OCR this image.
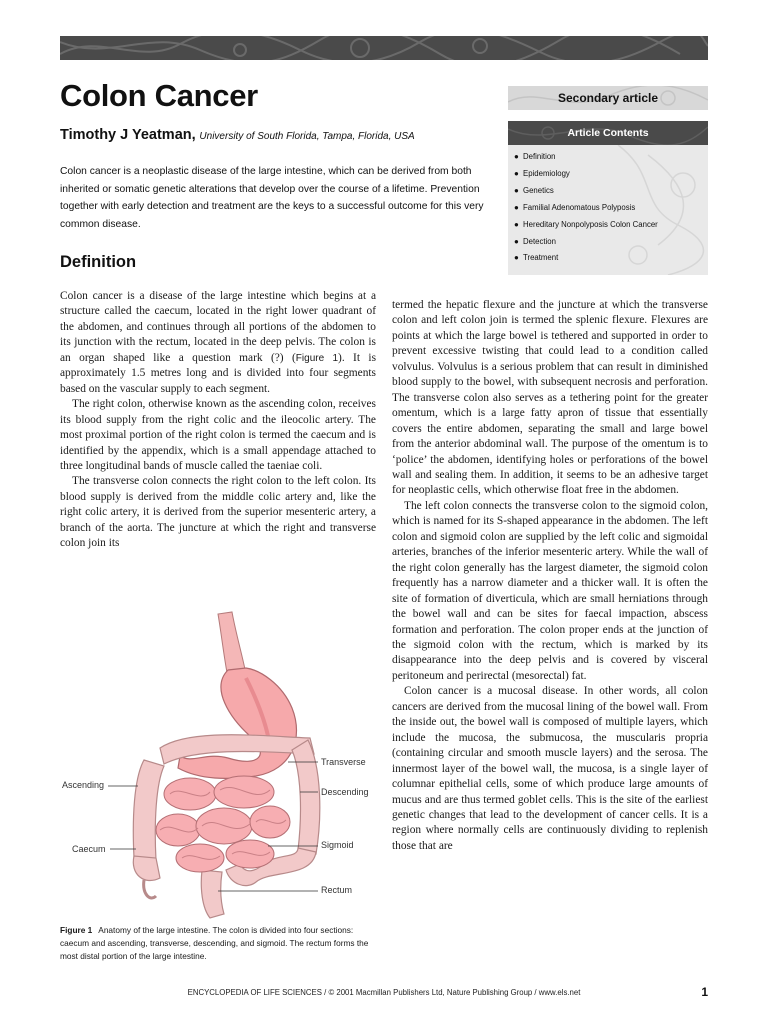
Colon Cancer
Timothy J Yeatman, University of South Florida, Tampa, Florida, USA

Colon cancer is a neoplastic disease of the large intestine, which can be derived from both inherited or somatic genetic alterations that develop over the course of a lifetime. Prevention together with early detection and treatment are the keys to a successful outcome for this very common disease.

Definition
Secondary article
Article Contents
● Definition
● Epidemiology
● Genetics
● Familial Adenomatous Polyposis
● Hereditary Nonpolyposis Colon Cancer
● Detection
● Treatment

Colon cancer is a disease of the large intestine which begins at a structure called the caecum, located in the right lower quadrant of the abdomen, and continues through all portions of the abdomen to its junction with the rectum, located in the deep pelvis. The colon is an organ shaped like a question mark (?) (Figure 1). It is approximately 1.5 metres long and is divided into four segments based on the vascular supply to each segment.

The right colon, otherwise known as the ascending colon, receives its blood supply from the right colic and the ileocolic artery. The most proximal portion of the right colon is termed the caecum and is identified by the appendix, which is a small appendage attached to three longitudinal bands of muscle called the taeniae coli.

The transverse colon connects the right colon to the left colon. Its blood supply is derived from the middle colic artery and, like the right colic artery, it is derived from the superior mesenteric artery, a branch of the aorta. The juncture at which the right and transverse colon join its

termed the hepatic flexure and the juncture at which the transverse colon and left colon join is termed the splenic flexure. Flexures are points at which the large bowel is tethered and supported in order to prevent excessive twisting that could lead to a condition called volvulus. Volvulus is a serious problem that can result in diminished blood supply to the bowel, with subsequent necrosis and perforation. The transverse colon also serves as a tethering point for the greater omentum, which is a large fatty apron of tissue that essentially covers the entire abdomen, separating the small and large bowel from the anterior abdominal wall. The purpose of the omentum is to ‘police’ the abdomen, identifying holes or perforations of the bowel wall and sealing them. In addition, it seems to be an adhesive target for neoplastic cells, which otherwise float free in the abdomen.

The left colon connects the transverse colon to the sigmoid colon, which is named for its S-shaped appearance in the abdomen. The left colon and sigmoid colon are supplied by the left colic and sigmoidal arteries, branches of the inferior mesenteric artery. While the wall of the right colon generally has the largest diameter, the sigmoid colon frequently has a narrow diameter and a thicker wall. It is often the site of formation of diverticula, which are small herniations through the bowel wall and can be sites for faecal impaction, abscess formation and perforation. The colon proper ends at the junction of the sigmoid colon with the rectum, which is marked by its disappearance into the deep pelvis and is covered by visceral peritoneum and perirectal (mesorectal) fat.

Colon cancer is a mucosal disease. In other words, all colon cancers are derived from the mucosal lining of the bowel wall. From the inside out, the bowel wall is composed of multiple layers, which include the mucosa, the submucosa, the muscularis propria (containing circular and smooth muscle layers) and the serosa. The innermost layer of the bowel wall, the mucosa, is a single layer of columnar epithelial cells, some of which produce large amounts of mucus and are thus termed goblet cells. This is the site of the earliest genetic changes that lead to the development of cancer cells. It is a region where normally cells are continuously dividing to replenish those that are

Transverse
Ascending
Descending
Caecum	Sigmoid
Rectum

Figure 1 Anatomy of the large intestine. The colon is divided into four sections: caecum and ascending, transverse, descending, and sigmoid. The rectum forms the most distal portion of the large intestine.

ENCYCLOPEDIA OF LIFE SCIENCES / © 2001 Macmillan Publishers Ltd, Nature Publishing Group / www.els.net	1
